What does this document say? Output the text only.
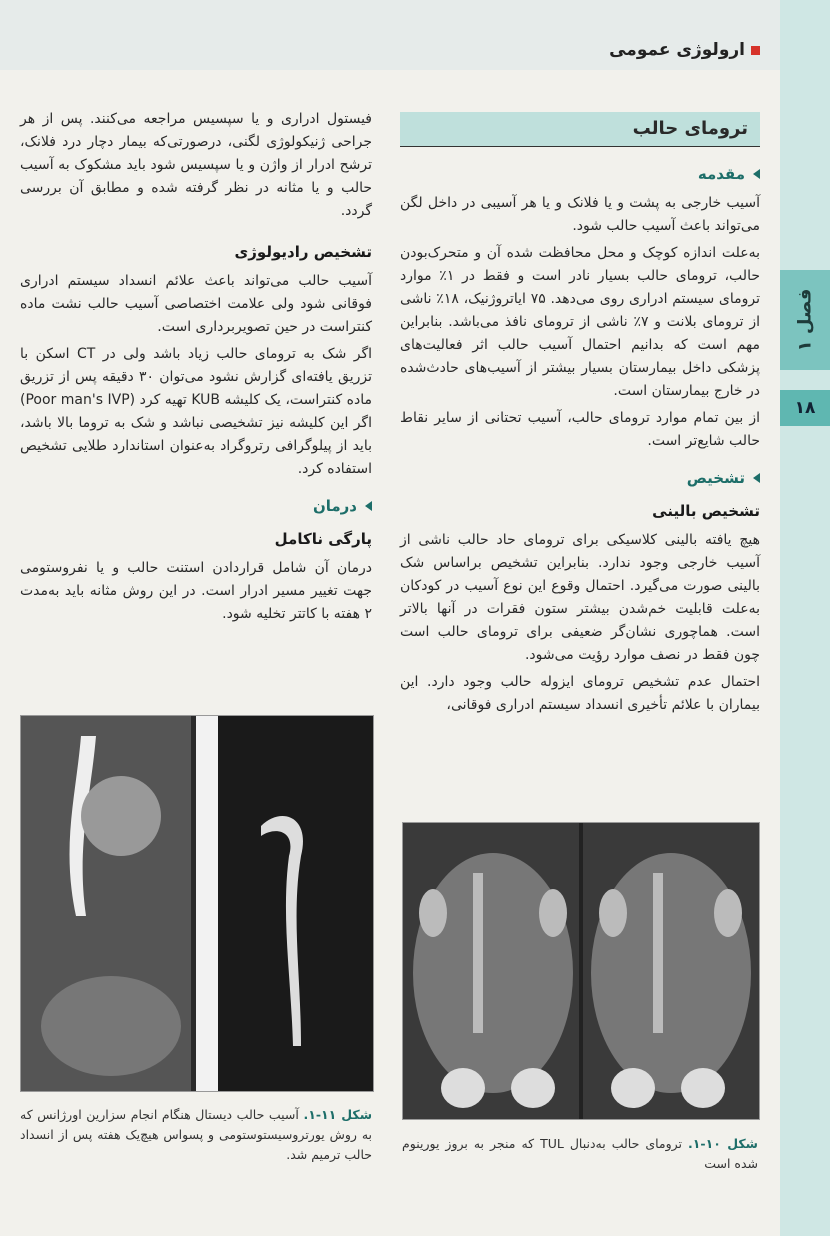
فصل ۱
۱۸
ارولوژی عمومی
ترومای حالب
مقدمه

آسیب خارجی به پشت و یا فلانک و یا هر آسیبی در داخل لگن می‌تواند باعث آسیب حالب شود.

به‌علت اندازه کوچک و محل محافظت شده آن و متحرک‌بودن حالب، ترومای حالب بسیار نادر است و فقط در ۱٪ موارد ترومای سیستم ادراری روی می‌دهد. ۷۵ ایاتروژنیک، ۱۸٪ ناشی از ترومای بلانت و ۷٪ ناشی از ترومای نافذ می‌باشد. بنابراین مهم است که بدانیم احتمال آسیب حالب اثر فعالیت‌های پزشکی داخل بیمارستان بسیار بیشتر از آسیب‌های حادث‌شده در خارج بیمارستان است.

از بین تمام موارد ترومای حالب، آسیب تحتانی از سایر نقاط حالب شایع‌تر است.

تشخیص
تشخیص بالینی

هیچ یافته بالینی کلاسیکی برای ترومای حاد حالب ناشی از آسیب خارجی وجود ندارد. بنابراین تشخیص براساس شک بالینی صورت می‌گیرد. احتمال وقوع این نوع آسیب در کودکان به‌علت قابلیت خم‌شدن بیشتر ستون فقرات در آنها بالاتر است. هماچوری نشان‌گر ضعیفی برای ترومای حالب است چون فقط در نصف موارد رؤیت می‌شود.

احتمال عدم تشخیص ترومای ایزوله حالب وجود دارد. این بیماران با علائم تأخیری انسداد سیستم ادراری فوقانی،

شکل ۱۰-۱. ترومای حالب به‌دنبال TUL که منجر به بروز یورینوم شده است

فیستول ادراری و یا سپسیس مراجعه می‌کنند. پس از هر جراحی ژنیکولوژی لگنی، درصورتی‌که بیمار دچار درد فلانک، ترشح ادرار از واژن و یا سپسیس شود باید مشکوک به آسیب حالب و یا مثانه در نظر گرفته شده و مطابق آن بررسی گردد.

تشخیص رادیولوژی

آسیب حالب می‌تواند باعث علائم انسداد سیستم ادراری فوقانی شود ولی علامت اختصاصی آسیب حالب نشت ماده کنتراست در حین تصویربرداری است.

اگر شک به ترومای حالب زیاد باشد ولی در CT اسکن با تزریق یافته‌ای گزارش نشود می‌توان ۳۰ دقیقه پس از تزریق ماده کنتراست، یک کلیشه KUB تهیه کرد (Poor man's IVP) اگر این کلیشه نیز تشخیصی نباشد و شک به تروما بالا باشد، باید از پیلوگرافی رتروگراد به‌عنوان استاندارد طلایی تشخیص استفاده کرد.

درمان
پارگی ناکامل

درمان آن شامل قراردادن استنت حالب و یا نفروستومی جهت تغییر مسیر ادرار است. در این روش مثانه باید به‌مدت ۲ هفته با کاتتر تخلیه شود.

شکل ۱۱-۱. آسیب حالب دیستال هنگام انجام سزارین اورژانس که به روش یورتروسیستوستومی و پسواس هیچ‌یک هفته پس از انسداد حالب ترمیم شد.
